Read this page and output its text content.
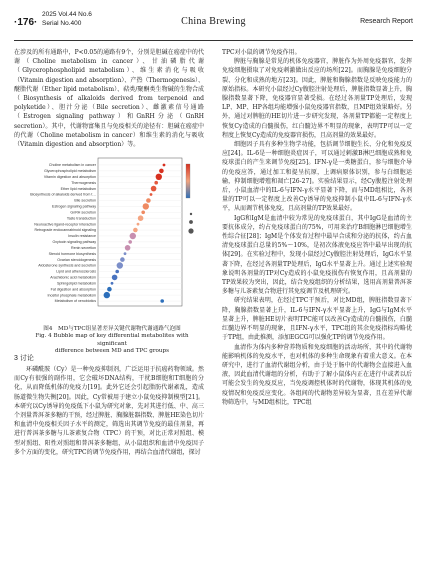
·176·
2025 Vol.44 No.6
Serial No.400	China Brewing	Research Report

在涉及的所有通路中，P<0.05的通路有9个，分别是胆碱在癌症中的代谢（Choline metabolism in cancer）、甘油磷脂代谢（Glycerophospholipid metabolism）、维生素消化与吸收（Vitamin digestion and absorption）、产热（Thermogenesis）、醚脂代谢（Ether lipid metabolism）、萜类/聚酮类生物碱的生物合成（Biosynthesis of alkaloids derived from terpenoid and polyketide）、胆汁分泌（Bile secretion）、雌激素信号通路（Estrogen signaling pathway）和GnRH分泌（GnRH secretion）。其中，代谢物富集且与免疫相关的途径有：胆碱在癌症中的代谢（Choline metabolism in cancer）和维生素的消化与吸收（Vitamin digestion and absorption）等。

Choline metabolism in cancer
Glycerophospholipid metabolism
Vitamin digestion and absorption
Thermogenesis
Ether lipid metabolism
Biosynthesis of alkaloids derived from t…
Bile secretion
Estrogen signaling pathway
GnRH secretion
Taste transduction
Neuroactive ligand-receptor interaction
Retrograde endocannabinoid signaling
Insulin resistance
Oxytocin signaling pathway
Renin secretion
Steroid hormone biosynthesis
Ovarian steroidogenesis
Aldosterone synthesis and secretion
Lipid and atherosclerosis
Arachidonic acid metabolism
Sphingolipid metabolism
Fat digestion and absorption
Inositol phosphate metabolism
Metabolism of xenobiotics
图4　MD与TPC组显著差异关键代谢物代谢通路气泡图
Fig. 4 Bubble map of key differential metabolites with significant
difference between MD and TPC groups
3 讨论

环磷酰胺（Cy）是一种免疫抑制剂，广泛运用于抗癌药物领域。然而Cy有很强的副作用，它会破坏DNA结构，干扰B细胞和T细胞的分化，从而降低机体的免疫力[19]。此外它还会引起脂肪代谢紊乱，造成肠道微生物失衡[20]。因此，Cy常被用于建立小鼠免疫抑制模型[21]。本研究以Cy诱导的免疫低下小鼠为研究对象，先对其进行低、中、高三个剂量普洱茶多糖的干预，经过脾脏、胸腺脏器指数、脾脏HE染色切片和血清中免疫相关因子水平的测定，筛选出其调节免疫的最佳剂量，再进行普洱茶多糖与儿茶素复合物（TPC）的干预，对比正常对照组、模型对照组、阳性对照组和普洱茶多糖组，从小鼠组织和血清中免疫因子多个方面的变化，研究TPC的调节免疫作用，再结合血清代谢组，探讨

TPC对小鼠的调节免疫作用。

脾脏与胸腺是常见的机体免疫器官，脾脏作为外周免疫器官，发挥免疫细胞摄取了对免疫刺激做出反应的场所[22]。而胸腺是免疫细胞分裂、分化和成熟的地方[23]。因此，脾脏和胸腺指数是反映免疫能力的原始指标。本研究小鼠经过Cy腹腔注射处理后，脾脏指数显著上升，胸腺指数显著下降，免疫器官显著受损。在经过各剂量TP处理后，发现LP、MP、HP各组均能增强小鼠免疫器官指数，且MP组效果略好。另外，通过对脾脏的HE切片进一步研究发现，各剂量TP都能一定程度上恢复Cy造成的白髓损伤，红白髓边界不明显的现象，表明TP可以一定程度上恢复Cy造成的免疫器官损伤，且高剂量的效果最好。

细胞因子具有多种生物学功能，包括调节细胞生长、分化和免疫反应[24]。IL-6是一种细胞炎症因子，可以通过刺激B淋巴细胞成熟和免疫球蛋白的产生来调节免疫[25]。IFN-γ是一类糖蛋白，参与细胞介导的免疫应答，通过加工和提呈抗原，上调病原体识别，参与白细胞运输，抑制细胞增殖和凋亡[26-27]。实验结果显示，经Cy腹腔注射处理后，小鼠血清中的IL-6与IFN-γ水平显著下降，而与MD组相比，各剂量的TP可以一定程度上改善Cy诱导的免疫抑制小鼠中IL-6与IFN-γ水平，从而调节机体免疫，且高剂量的TP效果最好。

IgG和IgM是血清中较为常见的免疫球蛋白，其中IgG是血清的主要抗体成分，约占免疫球蛋白的75%，可用来治疗B细胞淋巴细胞增生性综合征[28]；IgM是个体发育过程中最早合成和分泌的抗体，约占血清免疫球蛋白总量的5%～10%，是初次体液免疫应答中最早出现的抗体[29]。在实验过程中，发现小鼠经过Cy腹腔注射处理后，IgG水平显著下降，在经过各剂量TP处理后，IgG水平显著上升。通过上述实验现象说明各剂量的TP对Cy造成的小鼠免疫损伤有恢复作用，且高剂量的TP效果较为突出，因此，结合免疫组织的分析结果，选用高剂量普洱茶多糖与儿茶素复合物进行其免疫调节及机理研究。

研究结果表明，在经过TPC干预后，对比MD组，脾脏指数显著下降，胸腺指数显著上升，IL-6与IFN-γ水平显著上升，IgG与IgM水平显著上升，脾脏HE切片表明TPC能可以改善Cy造成的白髓损伤，白髓红髓边界不明显的现象，且IFN-γ水平，TPC组的其余免疫指标均略优于TP组，由此推测，添加EGCG可以强化TP的调节免疫作用。

血清作为体内多种营养物质和免疫细胞的活动场所，其中的代谢物能影响机体的免疫水平，也对机体的多种生命现象有着重大意义。在本研究中，进行了血清代谢组分析，由于处于肠中的代谢物会直接进入血液，因此血清代谢组的分析，有助于了解小鼠体内正在进行中或者以后可能会发生的免疫反应，当免疫调控机体时的代谢物，体现其机体的免疫情况和免疫反应变化。各组间的代谢物差异较为显著，且在差异代谢物筛选中，与MD组相比，TPC组
